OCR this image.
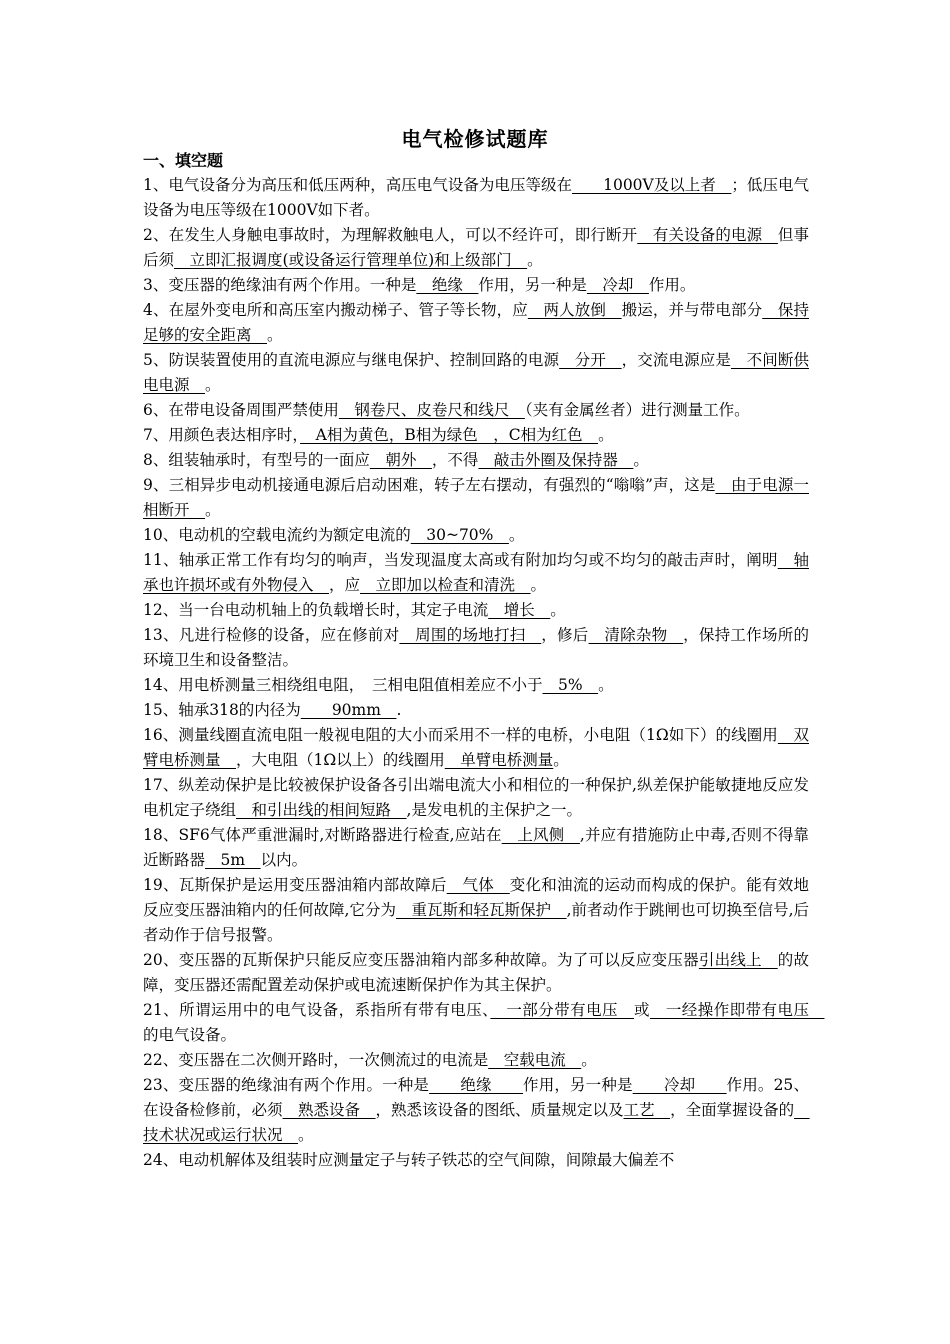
电气检修试题库

一、填空题

1、电气设备分为高压和低压两种，高压电气设备为电压等级在　　1000V及以上者　；低压电气设备为电压等级在1000V如下者。

2、在发生人身触电事故时，为理解救触电人，可以不经许可，即行断开　有关设备的电源　但事后须　立即汇报调度(或设备运行管理单位)和上级部门　。

3、变压器的绝缘油有两个作用。一种是　绝缘　作用，另一种是　冷却　作用。

4、在屋外变电所和高压室内搬动梯子、管子等长物，应　两人放倒　搬运，并与带电部分　保持足够的安全距离　。

5、防误装置使用的直流电源应与继电保护、控制回路的电源　分开　，交流电源应是　不间断供电电源　。

6、在带电设备周围严禁使用　钢卷尺、皮卷尺和线尺　（夹有金属丝者）进行测量工作。

7、用颜色表达相序时，　A相为黄色，B相为绿色　，C相为红色　。

8、组装轴承时，有型号的一面应　朝外　，不得　敲击外圈及保持器　。

9、三相异步电动机接通电源后启动困难，转子左右摆动，有强烈的“嗡嗡”声，这是　由于电源一相断开　。

10、电动机的空载电流约为额定电流的　30~70%　。

11、轴承正常工作有均匀的响声，当发现温度太高或有附加均匀或不均匀的敲击声时，阐明　轴承也许损坏或有外物侵入　，应　立即加以检查和清洗　。

12、当一台电动机轴上的负载增长时，其定子电流　增长　。

13、凡进行检修的设备，应在修前对　周围的场地打扫　，修后　清除杂物　，保持工作场所的环境卫生和设备整洁。

14、用电桥测量三相绕组电阻，　三相电阻值相差应不小于　5%　。

15、轴承318的内径为　　90mm　.

16、测量线圈直流电阻一般视电阻的大小而采用不一样的电桥，小电阻（1Ω如下）的线圈用　双臂电桥测量　，大电阻（1Ω以上）的线圈用　单臂电桥测量。

17、纵差动保护是比较被保护设备各引出端电流大小和相位的一种保护,纵差保护能敏捷地反应发电机定子绕组　和引出线的相间短路　,是发电机的主保护之一。

18、SF6气体严重泄漏时,对断路器进行检查,应站在　上风侧　,并应有措施防止中毒,否则不得靠近断路器　5m　以内。

19、瓦斯保护是运用变压器油箱内部故障后　气体　变化和油流的运动而构成的保护。能有效地反应变压器油箱内的任何故障,它分为　重瓦斯和轻瓦斯保护　,前者动作于跳闸也可切换至信号,后者动作于信号报警。

20、变压器的瓦斯保护只能反应变压器油箱内部多种故障。为了可以反应变压器引出线上　的故障，变压器还需配置差动保护或电流速断保护作为其主保护。

21、所谓运用中的电气设备，系指所有带有电压、　一部分带有电压　或　一经操作即带有电压　的电气设备。

22、变压器在二次侧开路时，一次侧流过的电流是　空载电流　。

23、变压器的绝缘油有两个作用。一种是　　绝缘　　作用，另一种是　　冷却　　作用。25、在设备检修前，必须　熟悉设备　，熟悉该设备的图纸、质量规定以及工艺　，全面掌握设备的　技术状况或运行状况　。

24、电动机解体及组装时应测量定子与转子铁芯的空气间隙，间隙最大偏差不
